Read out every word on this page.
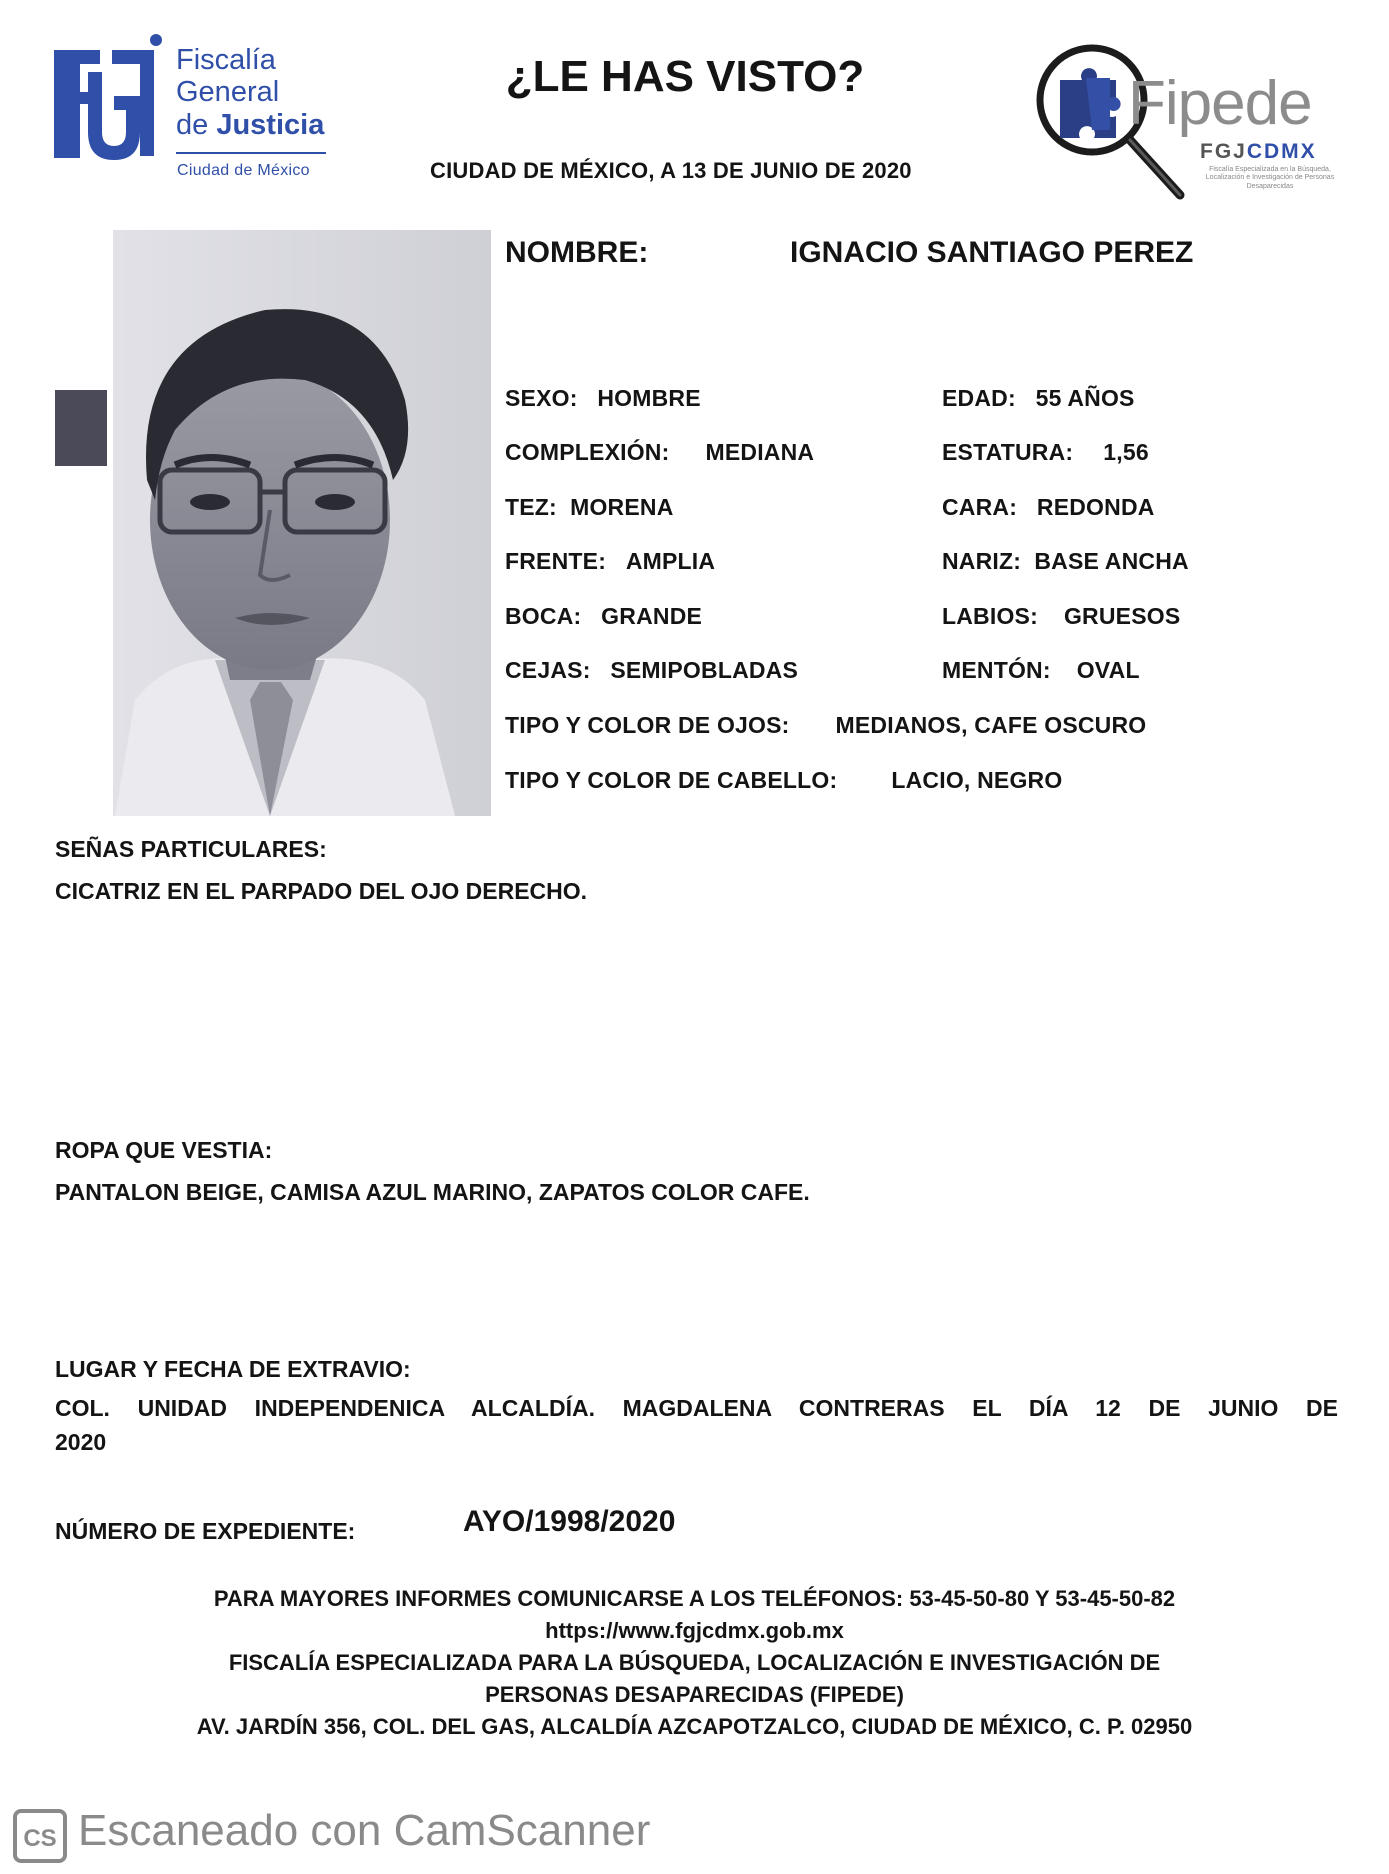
Fiscalía
General
de Justicia
Ciudad de México
¿LE HAS VISTO?
CIUDAD DE MÉXICO, A 13 DE JUNIO DE 2020
Fipede
FGJCDMX
Fiscalía Especializada en la Búsqueda, Localización e Investigación de Personas Desaparecidas
NOMBRE:	IGNACIO SANTIAGO PEREZ
SEXO: HOMBRE
COMPLEXIÓN: MEDIANA
TEZ: MORENA
FRENTE: AMPLIA
BOCA: GRANDE
CEJAS: SEMIPOBLADAS
EDAD: 55 AÑOS
ESTATURA: 1,56
CARA: REDONDA
NARIZ: BASE ANCHA
LABIOS: GRUESOS
MENTÓN: OVAL
TIPO Y COLOR DE OJOS: MEDIANOS, CAFE OSCURO
TIPO Y COLOR DE CABELLO: LACIO, NEGRO
SEÑAS PARTICULARES:
CICATRIZ EN EL PARPADO DEL OJO DERECHO.
ROPA QUE VESTIA:
PANTALON BEIGE, CAMISA AZUL MARINO, ZAPATOS COLOR CAFE.
LUGAR Y FECHA DE EXTRAVIO:
COL. UNIDAD INDEPENDENICA ALCALDÍA. MAGDALENA CONTRERAS EL DÍA 12 DE JUNIO DE 2020
NÚMERO DE EXPEDIENTE:	AYO/1998/2020
PARA MAYORES INFORMES COMUNICARSE A LOS TELÉFONOS: 53-45-50-80 Y 53-45-50-82
https://www.fgjcdmx.gob.mx
FISCALÍA ESPECIALIZADA PARA LA BÚSQUEDA, LOCALIZACIÓN E INVESTIGACIÓN DE
PERSONAS DESAPARECIDAS (FIPEDE)
AV. JARDÍN 356, COL. DEL GAS, ALCALDÍA AZCAPOTZALCO, CIUDAD DE MÉXICO, C. P. 02950
CS Escaneado con CamScanner
